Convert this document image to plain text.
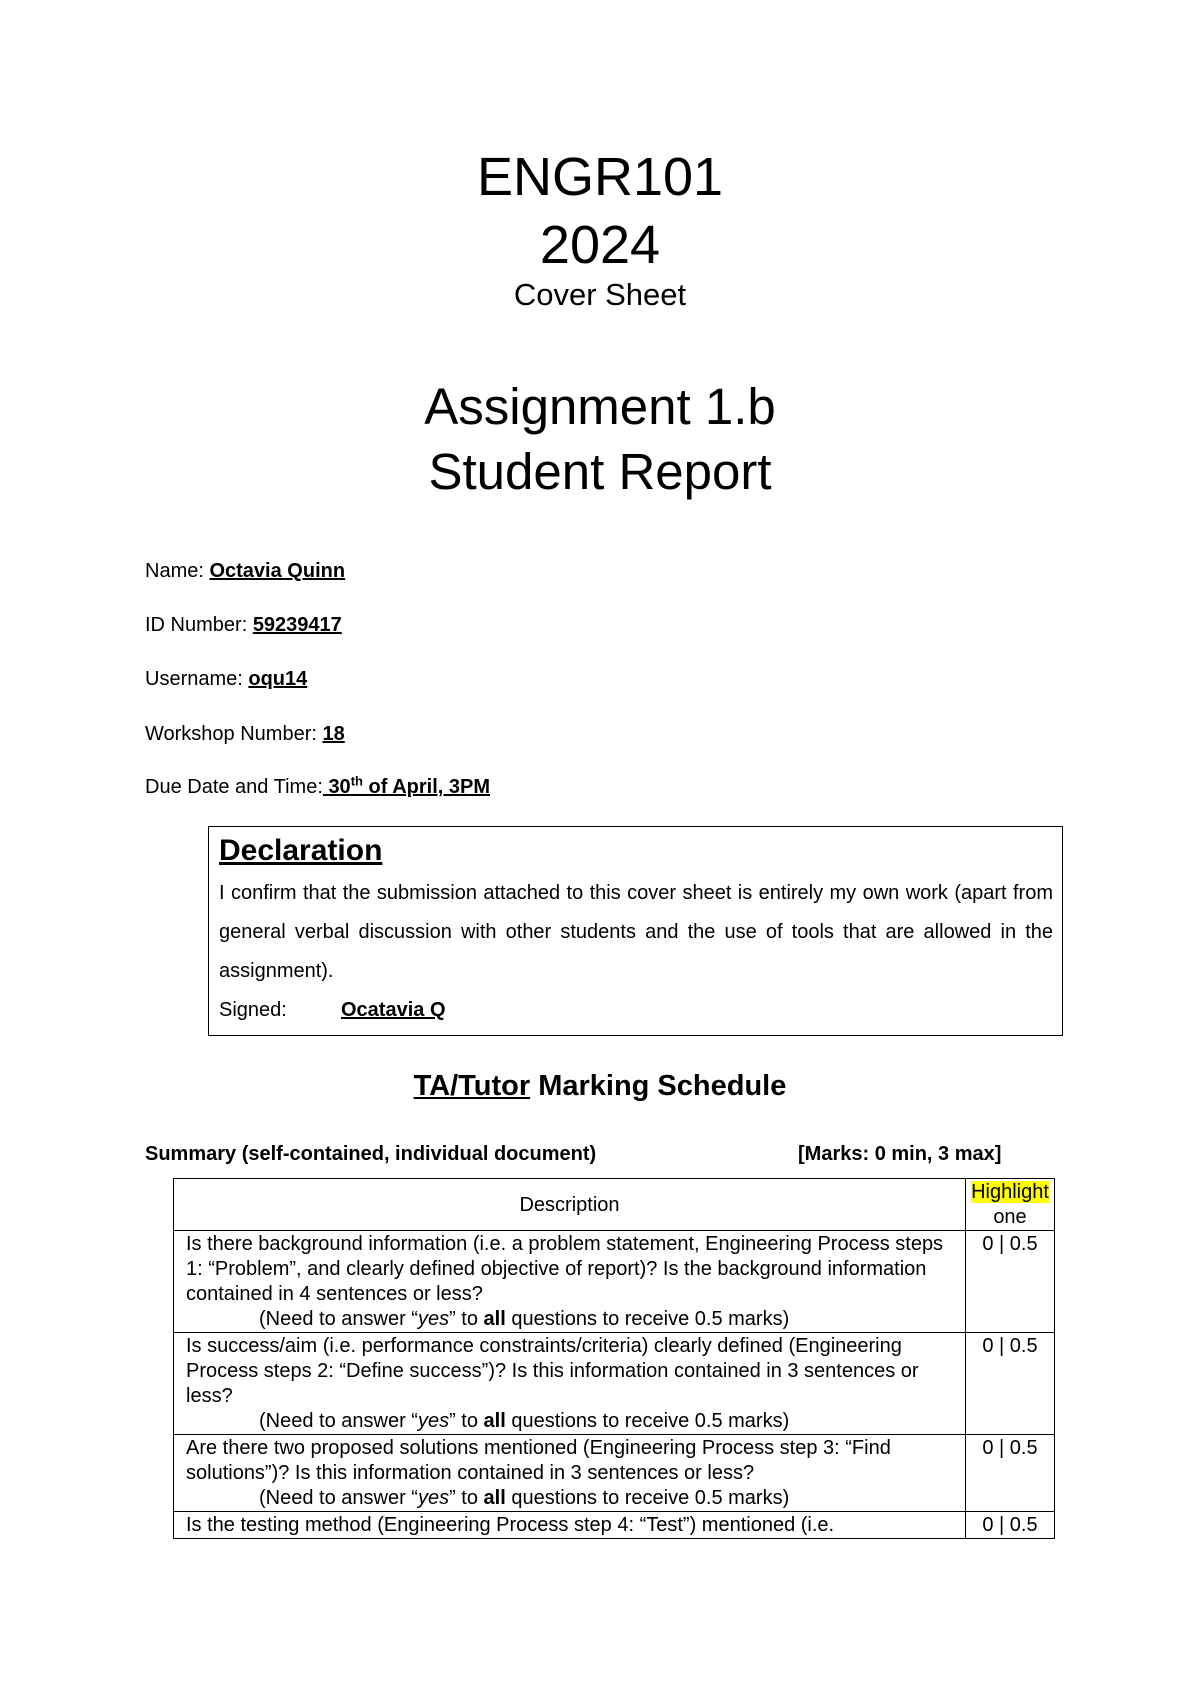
ENGR101
2024
Cover Sheet
Assignment 1.b
Student Report
Name: Octavia Quinn
ID Number: 59239417
Username: oqu14
Workshop Number: 18
Due Date and Time: 30th of April, 3PM
Declaration
I confirm that the submission attached to this cover sheet is entirely my own work (apart from general verbal discussion with other students and the use of tools that are allowed in the assignment).
Signed:	Ocatavia Q
TA/Tutor Marking Schedule
Summary (self-contained, individual document)	[Marks: 0 min, 3 max]
Description	Highlight
one
Is there background information (i.e. a problem statement, Engineering Process steps 1: “Problem”, and clearly defined objective of report)? Is the background information contained in 4 sentences or less?
(Need to answer “yes” to all questions to receive 0.5 marks)	0 | 0.5
Is success/aim (i.e. performance constraints/criteria) clearly defined (Engineering Process steps 2: “Define success”)? Is this information contained in 3 sentences or less?
(Need to answer “yes” to all questions to receive 0.5 marks)	0 | 0.5
Are there two proposed solutions mentioned (Engineering Process step 3: “Find solutions”)? Is this information contained in 3 sentences or less?
(Need to answer “yes” to all questions to receive 0.5 marks)	0 | 0.5
Is the testing method (Engineering Process step 4: “Test”) mentioned (i.e.	0 | 0.5
